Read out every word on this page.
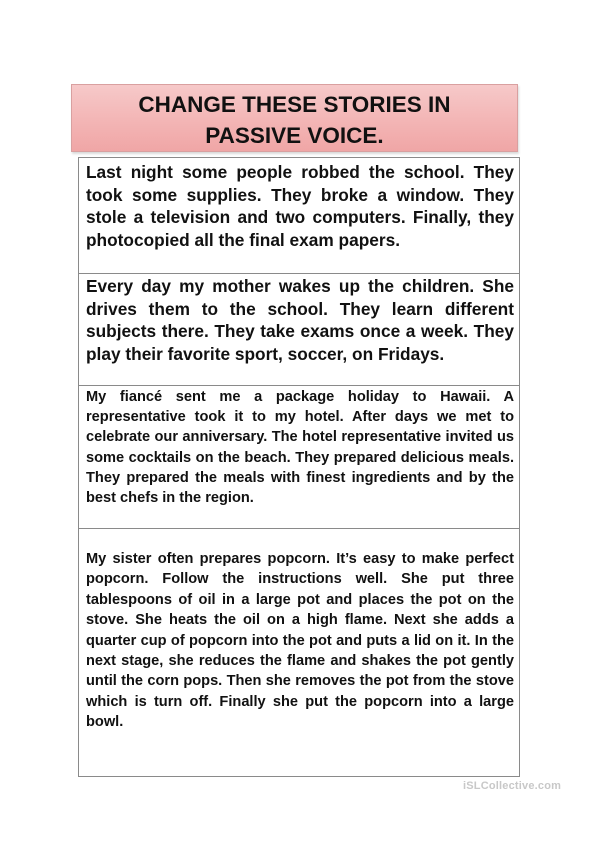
CHANGE THESE STORIES IN
PASSIVE VOICE.
Last night some people robbed the school. They took some supplies. They broke a window. They stole a television and two computers. Finally, they photocopied all the final exam papers.
Every day my mother wakes up the children. She drives them to the school. They learn different subjects there. They take exams once a week. They play their favorite sport, soccer, on Fridays.
My fiancé sent me a package holiday to Hawaii. A representative took it to my hotel. After days we met to celebrate our anniversary. The hotel representative invited us some cocktails on the beach. They prepared delicious meals. They prepared the meals with finest ingredients and by the best chefs in the region.
My sister often prepares popcorn. It’s easy to make perfect popcorn. Follow the instructions well. She put three tablespoons of oil in a large pot and places the pot on the stove. She heats the oil on a high flame. Next she adds a quarter cup of popcorn into the pot and puts a lid on it. In the next stage, she reduces the flame and shakes the pot gently until the corn pops. Then she removes the pot from the stove which is turn off. Finally she put the popcorn into a large bowl.
iSLCollective.com
